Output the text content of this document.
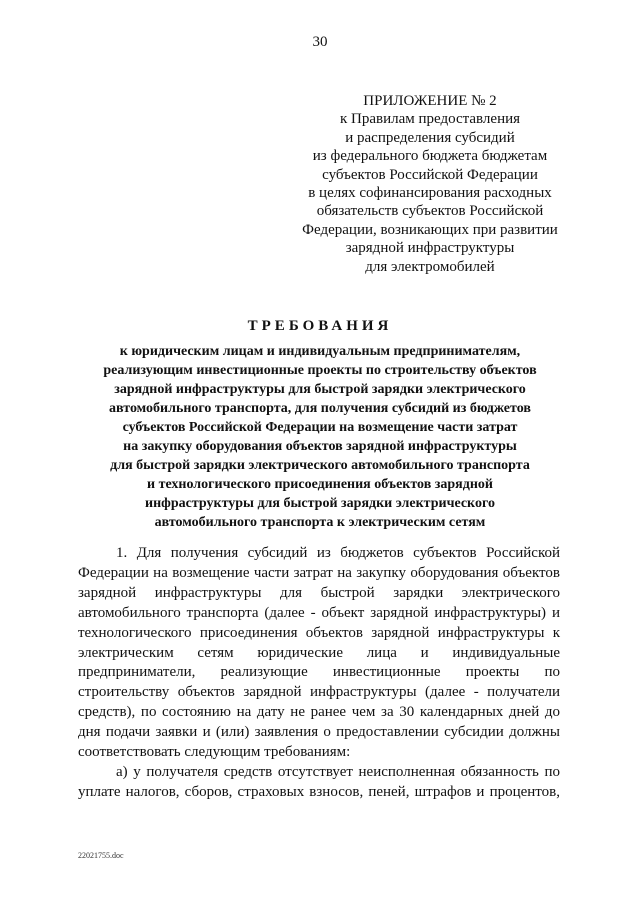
30
ПРИЛОЖЕНИЕ № 2
к Правилам предоставления
и распределения субсидий
из федерального бюджета бюджетам
субъектов Российской Федерации
в целях софинансирования расходных
обязательств субъектов Российской
Федерации, возникающих при развитии
зарядной инфраструктуры
для электромобилей
ТРЕБОВАНИЯ
к юридическим лицам и индивидуальным предпринимателям,
реализующим инвестиционные проекты по строительству объектов
зарядной инфраструктуры для быстрой зарядки электрического
автомобильного транспорта, для получения субсидий из бюджетов
субъектов Российской Федерации на возмещение части затрат
на закупку оборудования объектов зарядной инфраструктуры
для быстрой зарядки электрического автомобильного транспорта
и технологического присоединения объектов зарядной
инфраструктуры для быстрой зарядки электрического
автомобильного транспорта к электрическим сетям
1. Для получения субсидий из бюджетов субъектов Российской
Федерации на возмещение части затрат на закупку оборудования объектов
зарядной инфраструктуры для быстрой зарядки электрического
автомобильного транспорта (далее - объект зарядной инфраструктуры) и
технологического присоединения объектов зарядной инфраструктуры к
электрическим сетям юридические лица и индивидуальные
предприниматели, реализующие инвестиционные проекты по
строительству объектов зарядной инфраструктуры (далее - получатели
средств), по состоянию на дату не ранее чем за 30 календарных дней до
дня подачи заявки и (или) заявления о предоставлении субсидии должны
соответствовать следующим требованиям:
а) у получателя средств отсутствует неисполненная обязанность по
уплате налогов, сборов, страховых взносов, пеней, штрафов и процентов,
22021755.doc
